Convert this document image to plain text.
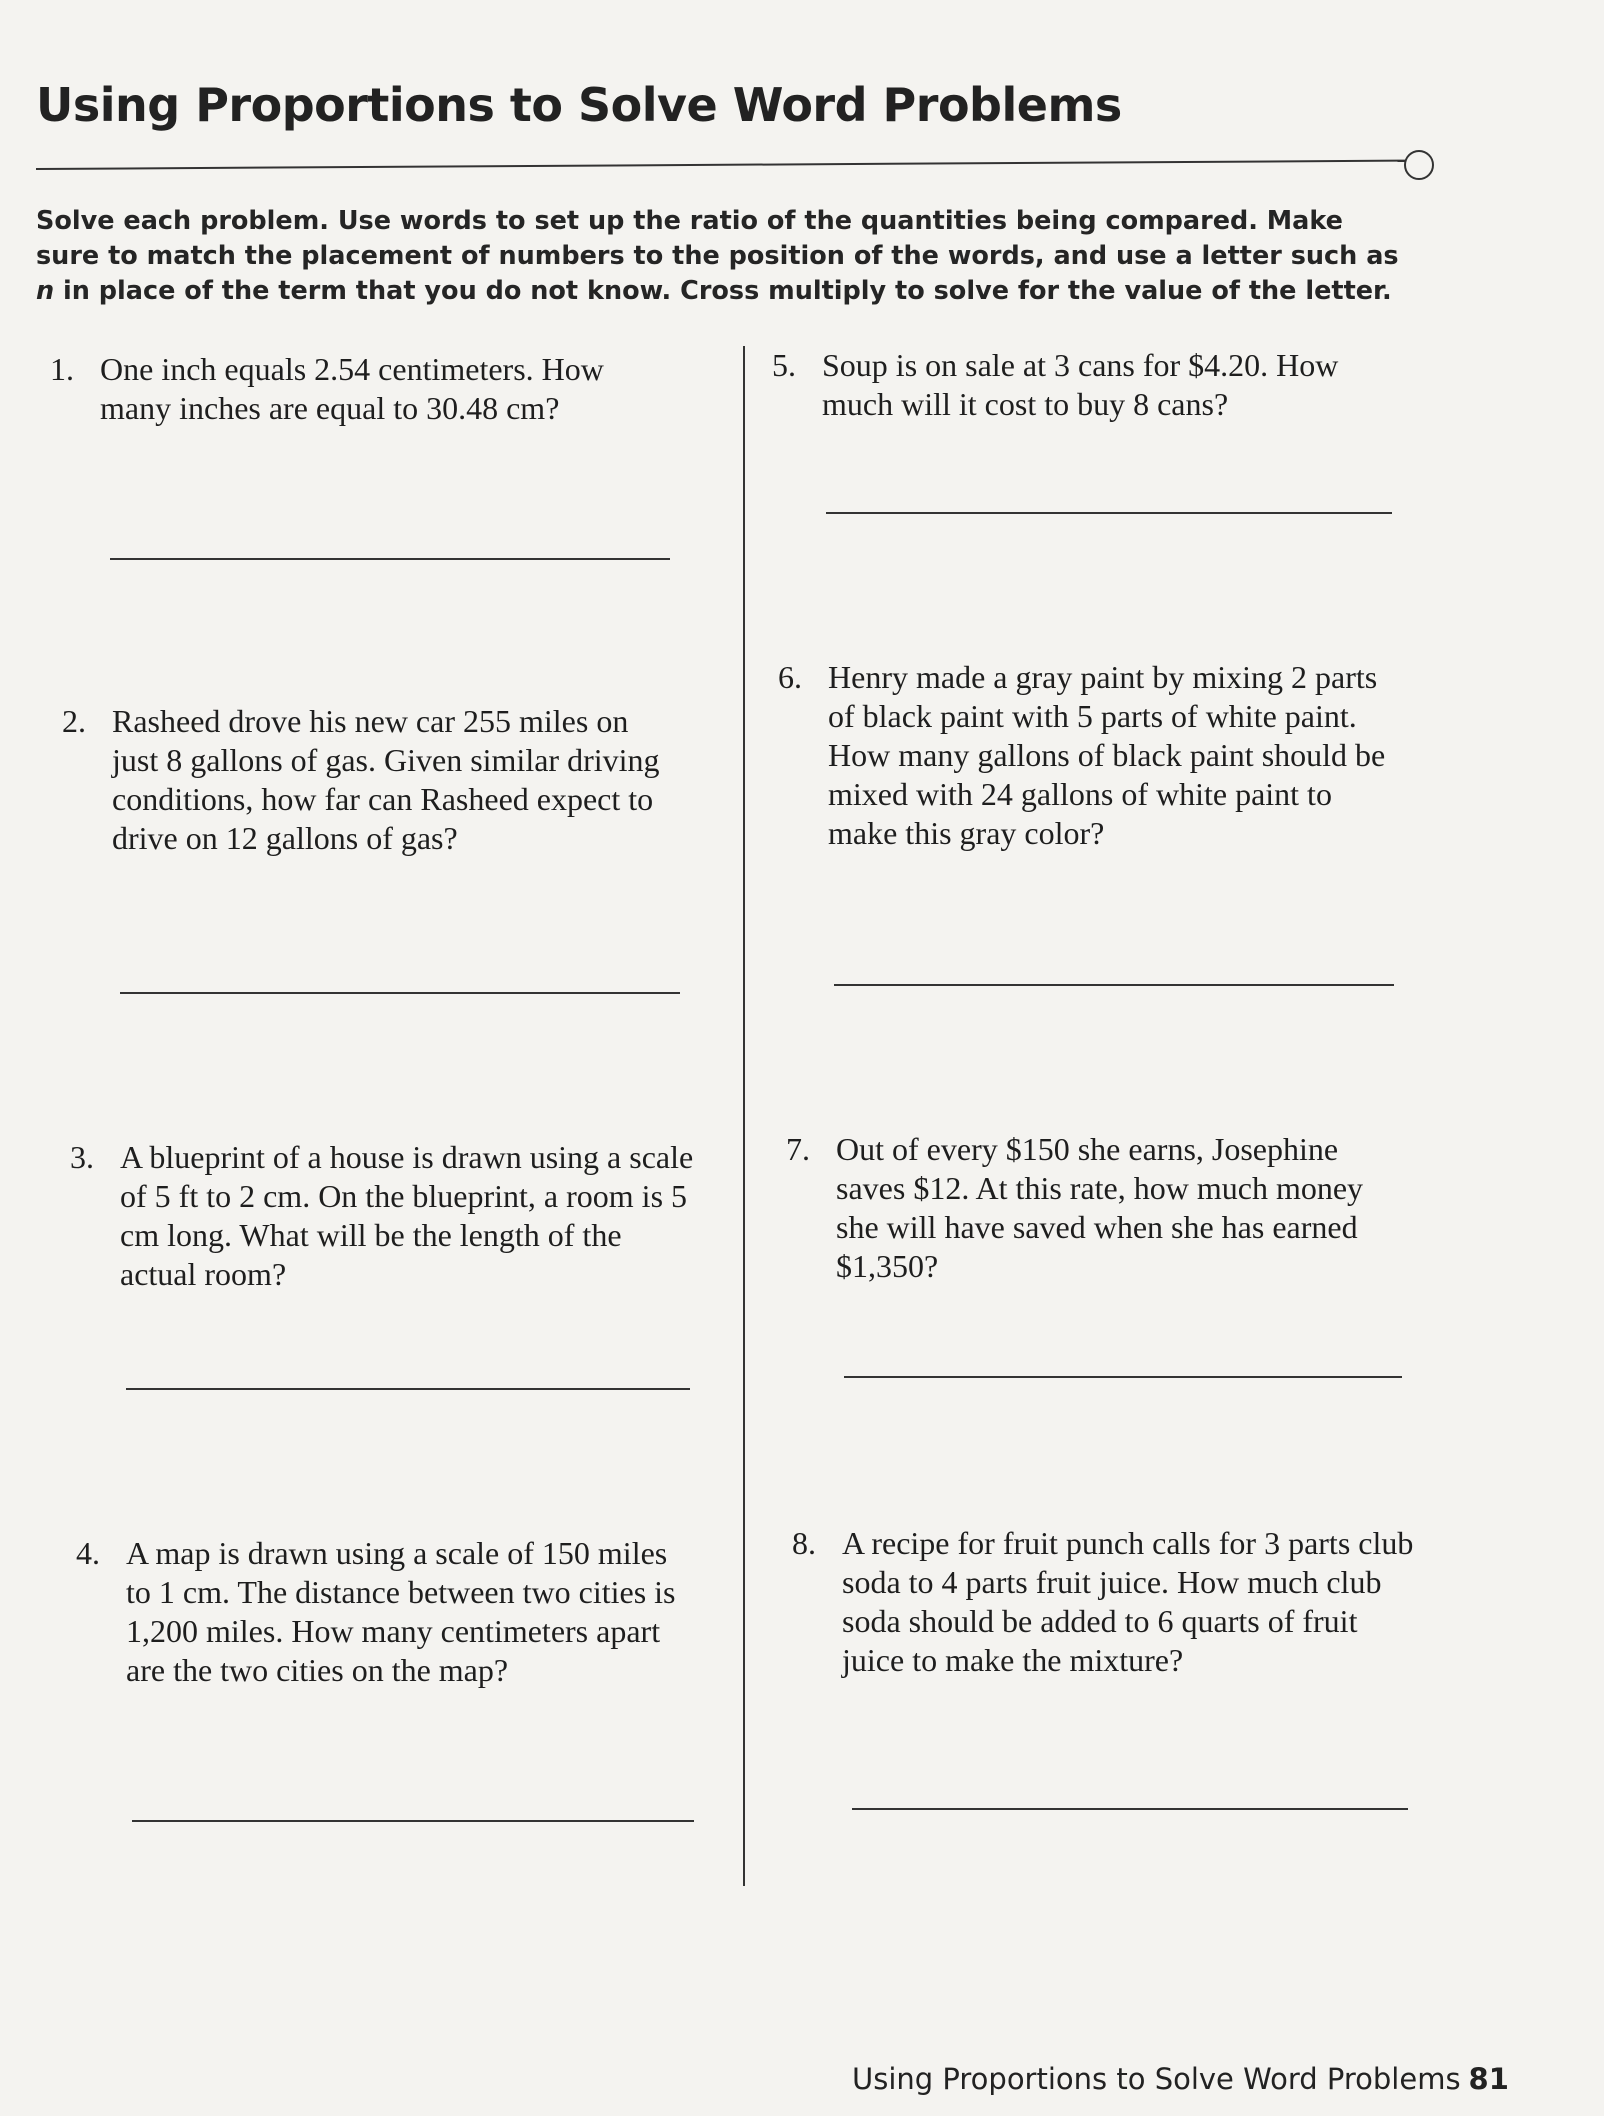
Using Proportions to Solve Word Problems
Solve each problem. Use words to set up the ratio of the quantities being compared. Make sure to match the placement of numbers to the position of the words, and use a letter such as n in place of the term that you do not know. Cross multiply to solve for the value of the letter.
1. One inch equals 2.54 centimeters. How many inches are equal to 30.48 cm?
2. Rasheed drove his new car 255 miles on just 8 gallons of gas. Given similar driving conditions, how far can Rasheed expect to drive on 12 gallons of gas?
3. A blueprint of a house is drawn using a scale of 5 ft to 2 cm. On the blueprint, a room is 5 cm long. What will be the length of the actual room?
4. A map is drawn using a scale of 150 miles to 1 cm. The distance between two cities is 1,200 miles. How many centimeters apart are the two cities on the map?
5. Soup is on sale at 3 cans for $4.20. How much will it cost to buy 8 cans?
6. Henry made a gray paint by mixing 2 parts of black paint with 5 parts of white paint. How many gallons of black paint should be mixed with 24 gallons of white paint to make this gray color?
7. Out of every $150 she earns, Josephine saves $12. At this rate, how much money she will have saved when she has earned $1,350?
8. A recipe for fruit punch calls for 3 parts club soda to 4 parts fruit juice. How much club soda should be added to 6 quarts of fruit juice to make the mixture?
Using Proportions to Solve Word Problems 81
